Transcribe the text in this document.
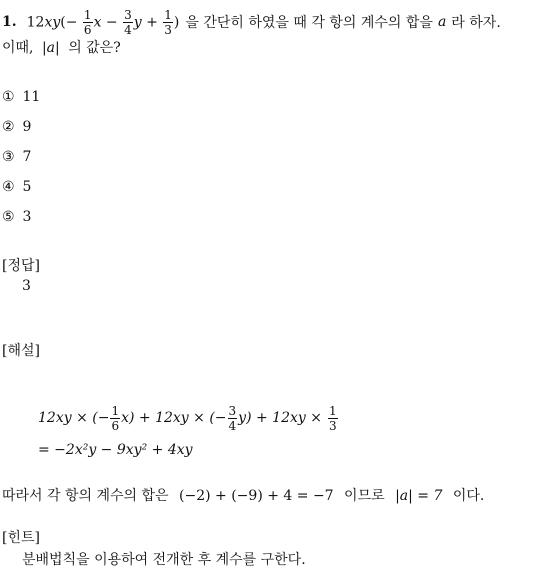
1. $12xy(- \frac{1}{6}$ $x - \frac{3}{4}$ $y + \frac{1}{3}$ ) 을 간단히 하였을 때 각 항의 계수의 합을 a 라 하자.
이때, |a| 의 값은?
① 11
② 9
③ 7
④ 5
⑤ 3
[정답]
3
[해설]
12xy × (− $\frac{1}{6} x) + 12xy$ × (− $\frac{3}{4} y) + 12xy \times \frac{1}{3}$
= −2x²y − 9xy² + 4xy
따라서 각 항의 계수의 합은 (−2) + (−9) + 4 = −7 이므로 |a| = 7 이다.
[힌트]
분배법칙을 이용하여 전개한 후 계수를 구한다.
